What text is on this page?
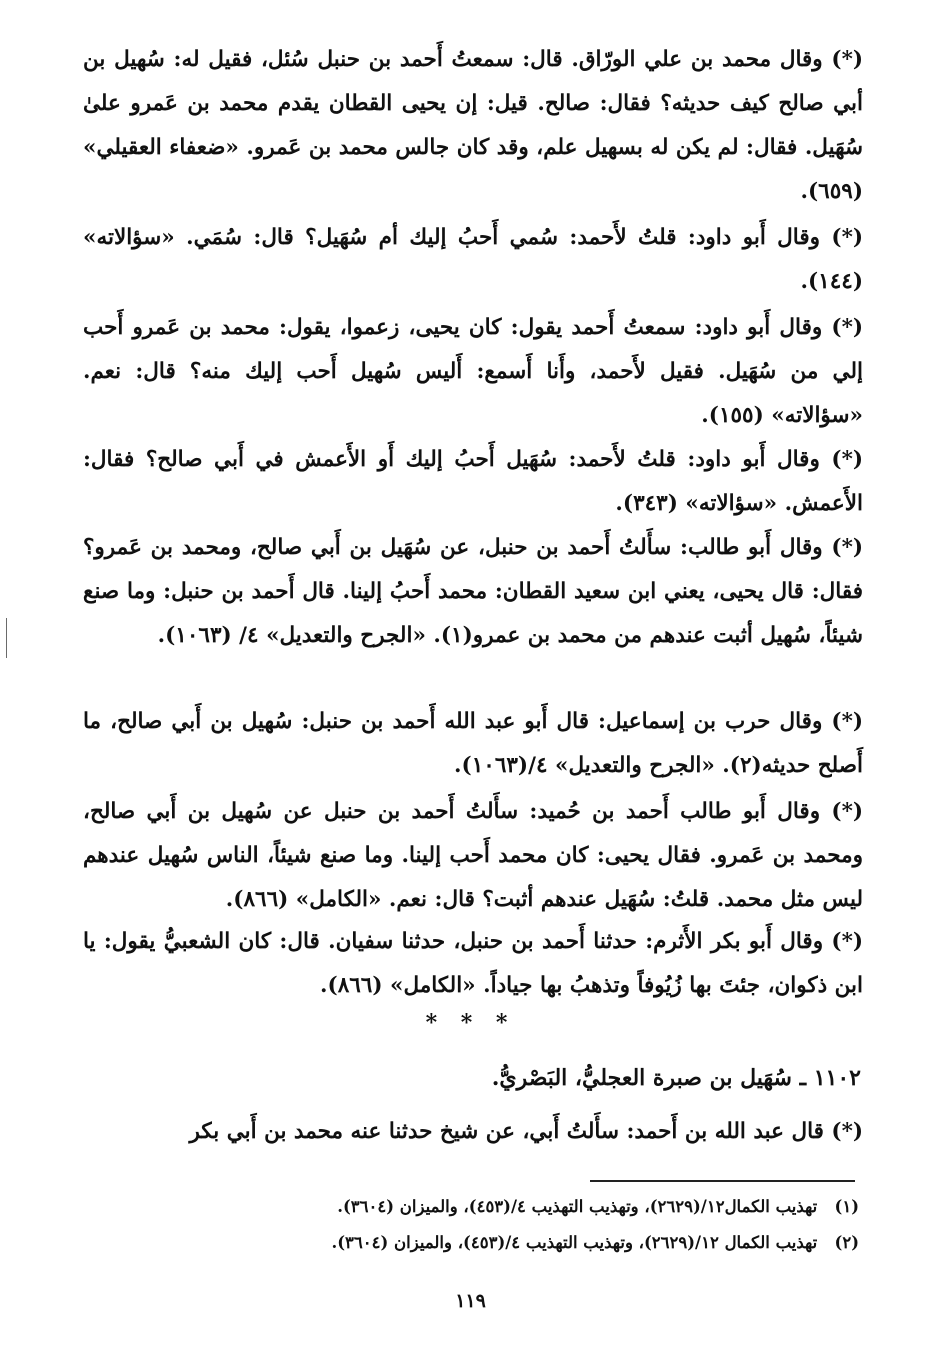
(*) وقال محمد بن علي الورّاق. قال: سمعتُ أَحمد بن حنبل سُئل، فقيل له: سُهيل بن أبي صالح كيف حديثه؟ فقال: صالح. قيل: إن يحيى القطان يقدم محمد بن عَمرو علىٰ سُهَيل. فقال: لم يكن له بسهيل علم، وقد كان جالس محمد بن عَمرو. «ضعفاء العقيلي» (٦٥٩).

(*) وقال أَبو داود: قلتُ لأَحمد: سُمي أَحبُ إليك أم سُهَيل؟ قال: سُمَي. «سؤالاته» (١٤٤).

(*) وقال أَبو داود: سمعتُ أَحمد يقول: كان يحيى، زعموا، يقول: محمد بن عَمرو أَحب إلي من سُهَيل. فقيل لأَحمد، وأَنا أَسمع: أَليس سُهيل أَحب إليك منه؟ قال: نعم. «سؤالاته» (١٥٥).

(*) وقال أَبو داود: قلتُ لأَحمد: سُهَيل أَحبُ إليك أَو الأَعمش في أَبي صالح؟ فقال: الأَعمش. «سؤالاته» (٣٤٣).

(*) وقال أَبو طالب: سأَلتُ أَحمد بن حنبل، عن سُهَيل بن أَبي صالح، ومحمد بن عَمرو؟ فقال: قال يحيى، يعني ابن سعيد القطان: محمد أَحبُ إلينا. قال أَحمد بن حنبل: وما صنع شيئاً، سُهيل أثبت عندهم من محمد بن عمرو(١). «الجرح والتعديل» ٤/ (١٠٦٣).

(*) وقال حرب بن إسماعيل: قال أَبو عبد الله أَحمد بن حنبل: سُهيل بن أَبي صالح، ما أَصلح حديثه(٢). «الجرح والتعديل» ٤/(١٠٦٣).

(*) وقال أَبو طالب أَحمد بن حُميد: سأَلتُ أَحمد بن حنبل عن سُهيل بن أَبي صالح، ومحمد بن عَمرو. فقال يحيى: كان محمد أَحب إلينا. وما صنع شيئاً، الناس سُهيل عندهم ليس مثل محمد. قلتُ: سُهَيل عندهم أثبت؟ قال: نعم. «الكامل» (٨٦٦).

(*) وقال أَبو بكر الأَثرم: حدثنا أَحمد بن حنبل، حدثنا سفيان. قال: كان الشعبيُّ يقول: يا ابن ذكوان، جئتَ بها زُيُوفاً وتذهبُ بها جياداً. «الكامل» (٨٦٦).

* * *
١١٠٢ ـ سُهَيل بن صبرة العجليُّ، البَصْريُّ.

(*) قال عبد الله بن أَحمد: سأَلتُ أَبي، عن شيخ حدثنا عنه محمد بن أَبي بكر

(١) تهذيب الكمال١٢/(٢٦٢٩)، وتهذيب التهذيب ٤/(٤٥٣)، والميزان (٣٦٠٤).

(٢) تهذيب الكمال ١٢/(٢٦٢٩)، وتهذيب التهذيب ٤/(٤٥٣)، والميزان (٣٦٠٤).

١١٩
